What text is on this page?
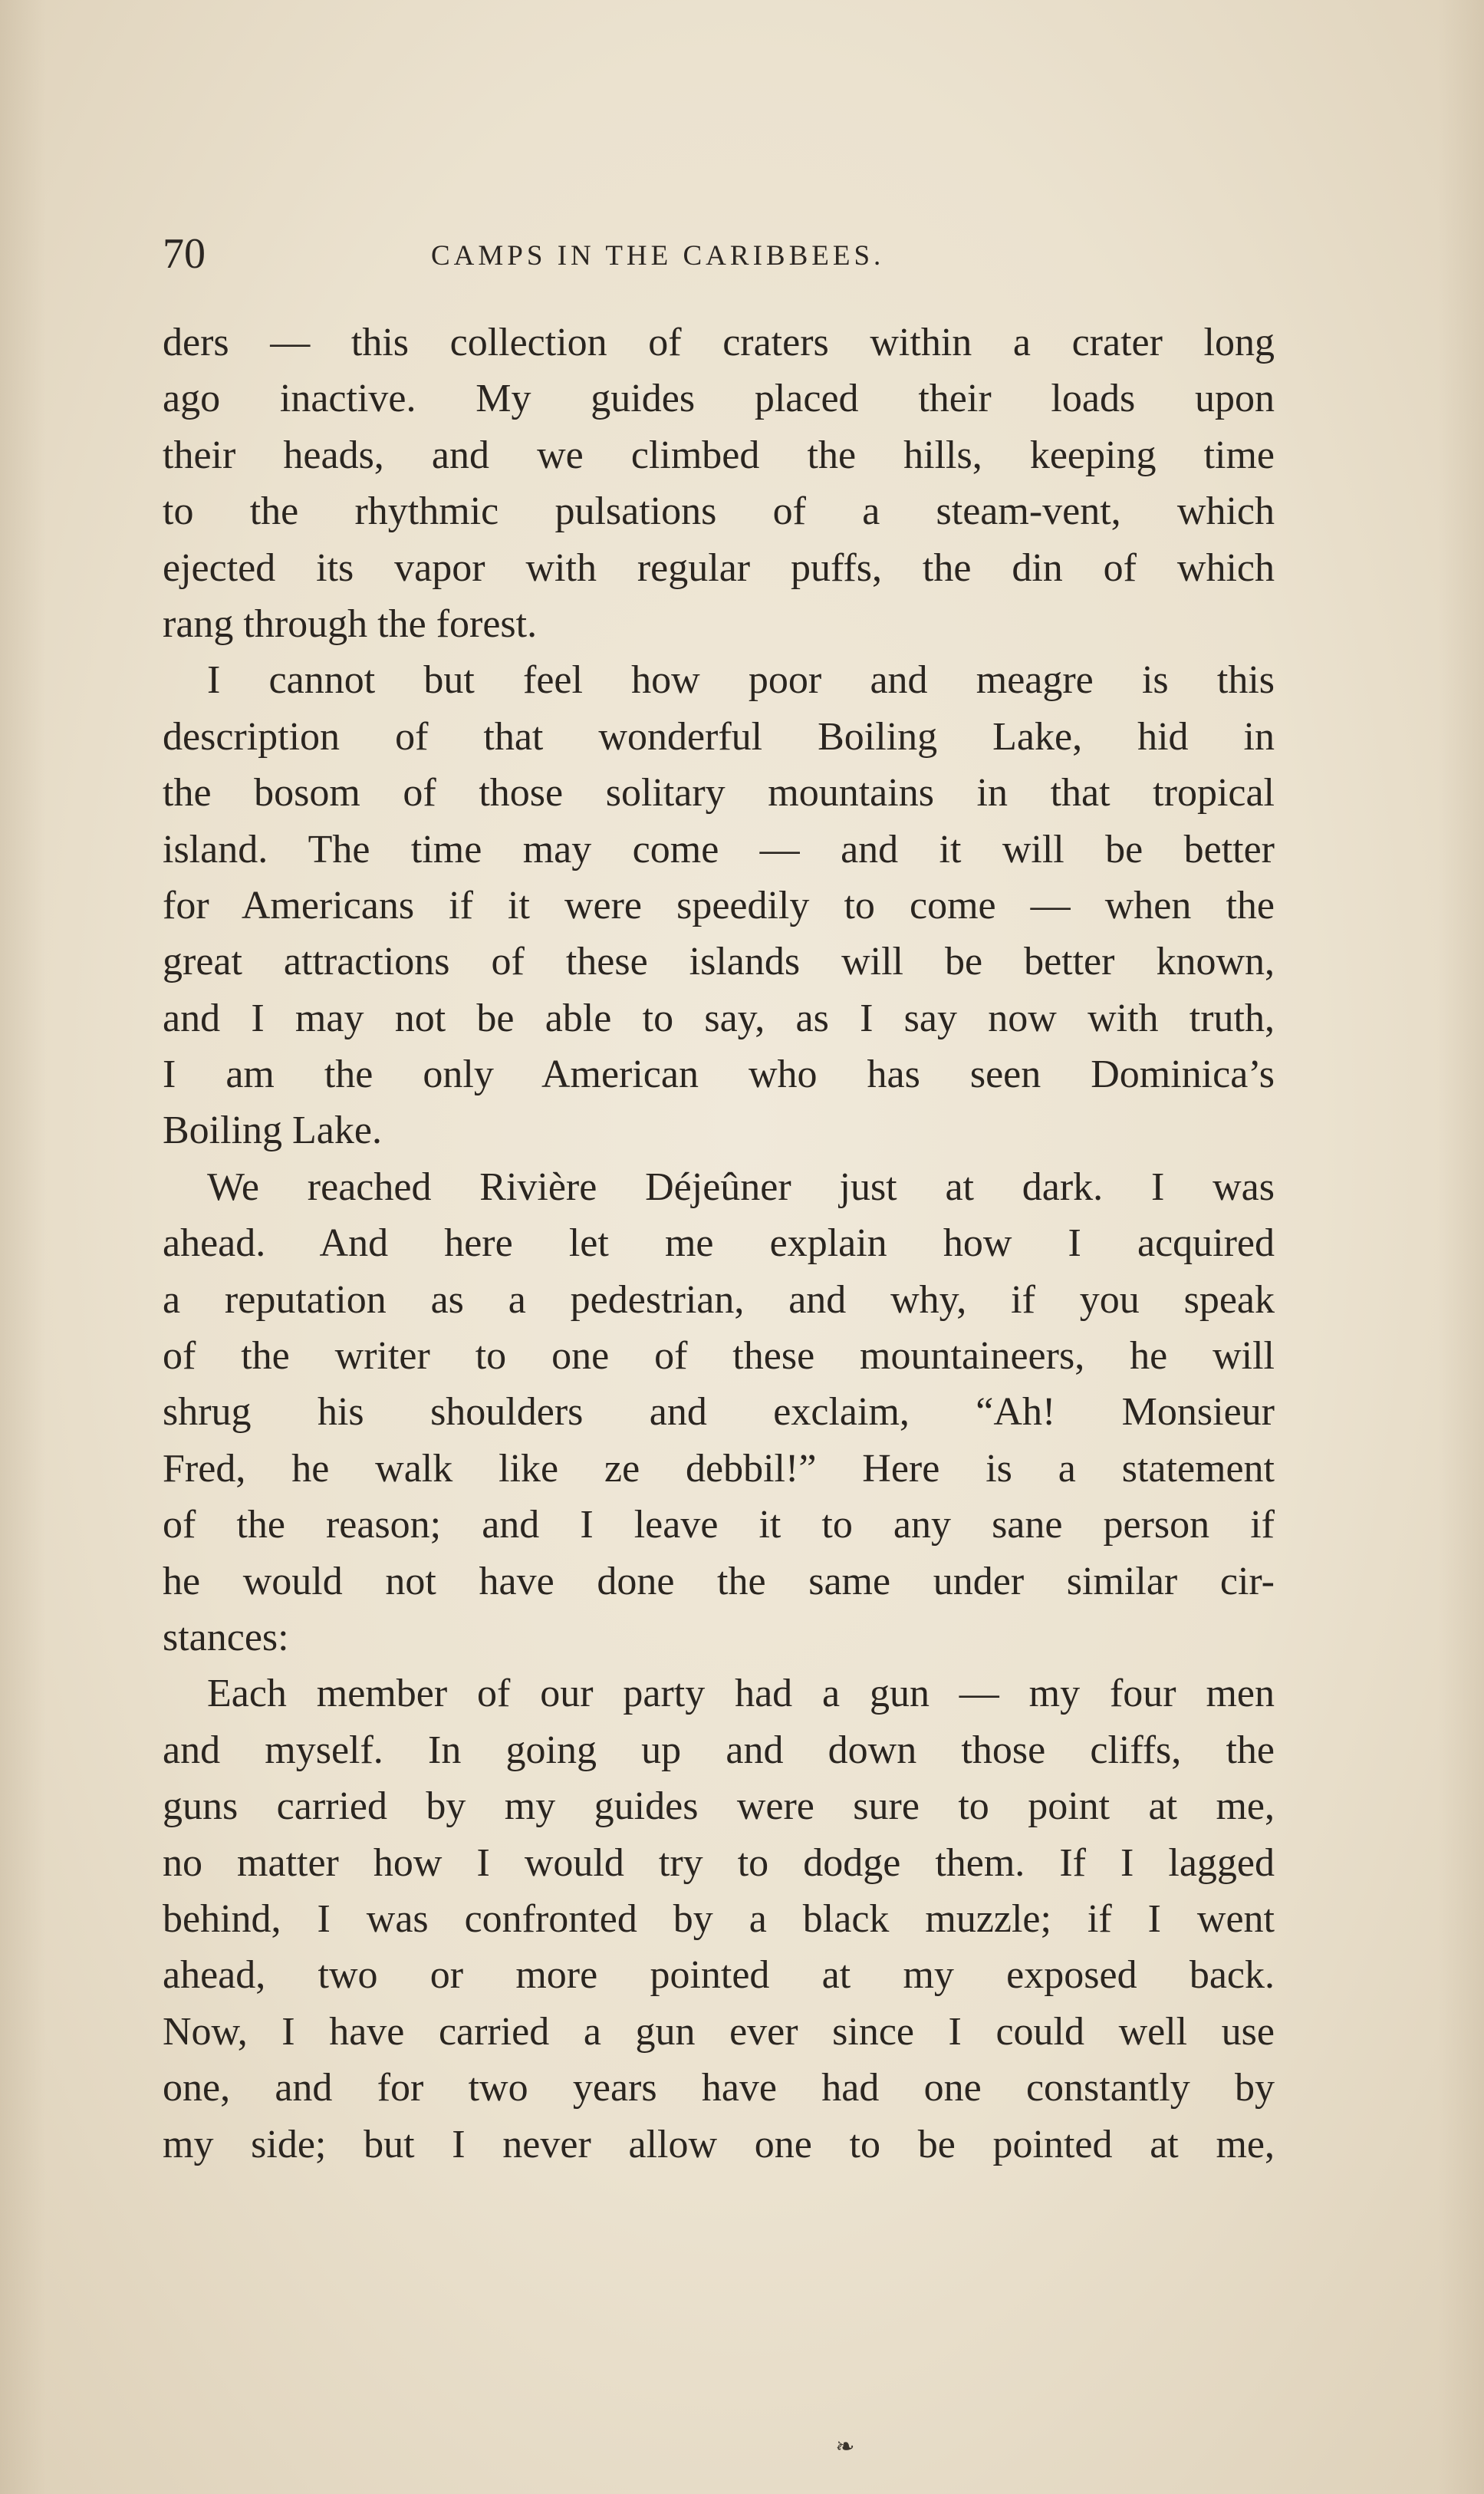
70	CAMPS IN THE CARIBBEES.
ders — this collection of craters within a crater long
ago inactive. My guides placed their loads upon
their heads, and we climbed the hills, keeping time
to the rhythmic pulsations of a steam-vent, which
ejected its vapor with regular puffs, the din of which
rang through the forest.
I cannot but feel how poor and meagre is this
description of that wonderful Boiling Lake, hid in
the bosom of those solitary mountains in that tropical
island. The time may come — and it will be better
for Americans if it were speedily to come — when the
great attractions of these islands will be better known,
and I may not be able to say, as I say now with truth,
I am the only American who has seen Dominica’s
Boiling Lake.
We reached Rivière Déjeûner just at dark. I was
ahead. And here let me explain how I acquired
a reputation as a pedestrian, and why, if you speak
of the writer to one of these mountaineers, he will
shrug his shoulders and exclaim, “Ah! Monsieur
Fred, he walk like ze debbil!” Here is a statement
of the reason; and I leave it to any sane person if
he would not have done the same under similar cir-
stances:
Each member of our party had a gun — my four men
and myself. In going up and down those cliffs, the
guns carried by my guides were sure to point at me,
no matter how I would try to dodge them. If I lagged
behind, I was confronted by a black muzzle; if I went
ahead, two or more pointed at my exposed back.
Now, I have carried a gun ever since I could well use
one, and for two years have had one constantly by
my side; but I never allow one to be pointed at me,
❧
